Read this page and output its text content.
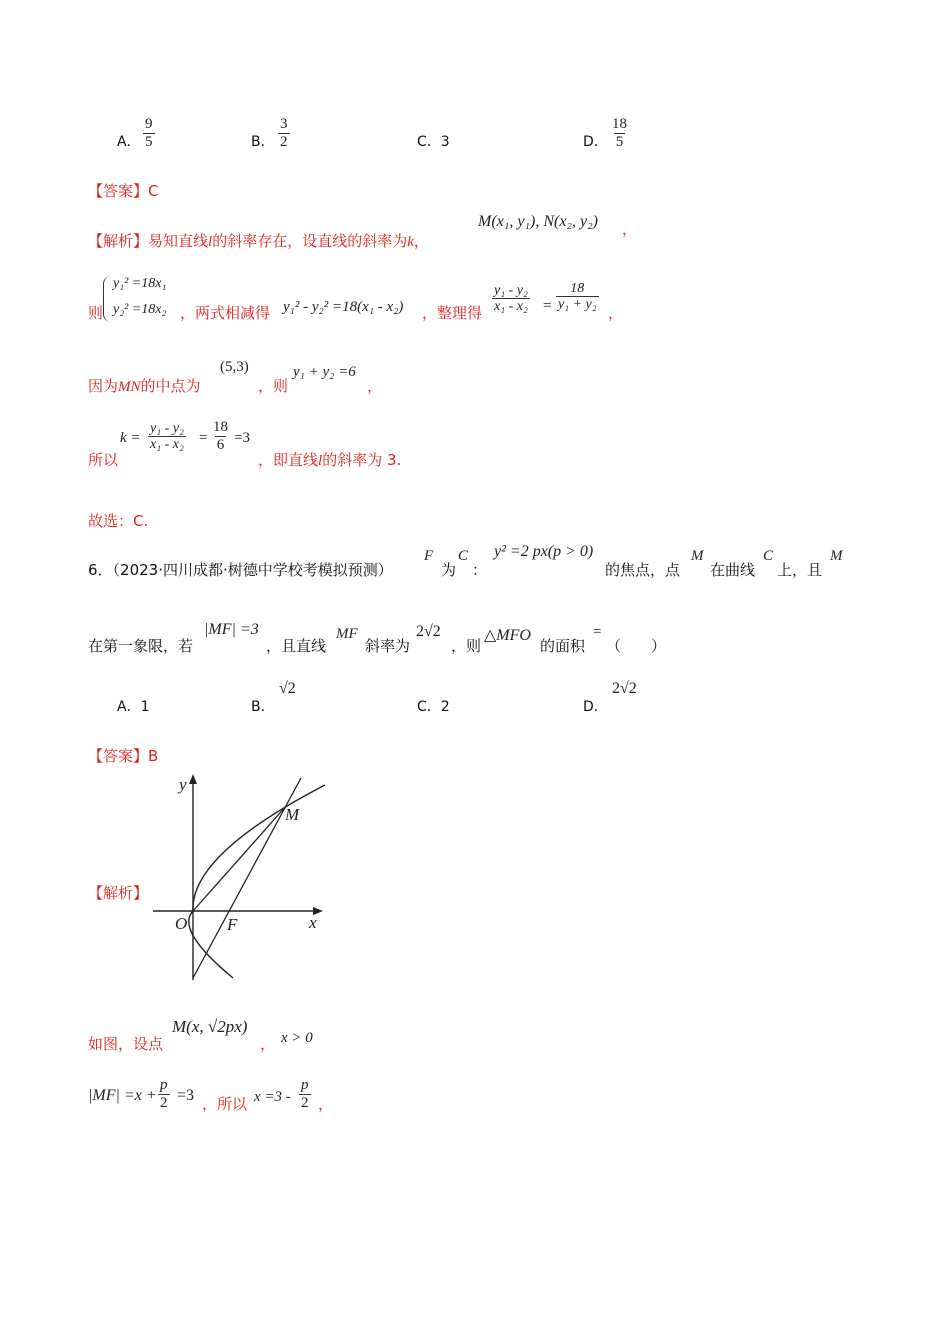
A． $\frac{9}{5}$	B． $\frac{3}{2}$	C．3	D． $\frac{18}{5}$
【答案】C
【解析】易知直线l的斜率存在，设直线的斜率为k，
M(x₁, y₁), N(x₂, y₂) ，
则
y₁² =18x₁
y₂² =18x₂ ，两式相减得 y₁² - y₂² =18(x₁ - x₂) ，整理得 $\frac{\text{y₁ - y₂}}{\text{x₁ - x₂}} = \frac{18}{\text{y₁ + y₂}}$
，
因为MN的中点为
(5,3)
，则
y₁ + y₂ =6
，
所以
$k = \frac{\text{y₁ - y₂}}{\text{x₁ - x₂}} = \frac{18}{6} =3$
，即直线l的斜率为 3.
故选：C.
6．（2023·四川成都·树德中学校考模拟预测）
F
为
C
：
y² =2 px(p > 0)
的焦点，点
M
在曲线
C
上，且
M
在第一象限，若
|MF| =3
，且直线
MF
斜率为
2√2
，则
△MFO
的面积
=
（　　）
A．1	B．
√2
C．2	D．
2√2
【答案】B
【解析】
y
x
O F
M
如图，设点
M(x, √2px)
， x > 0
$|MF| =x + \frac{p}{2} =3$ ，所以 $x =3 - \frac{p}{2}$ ，
